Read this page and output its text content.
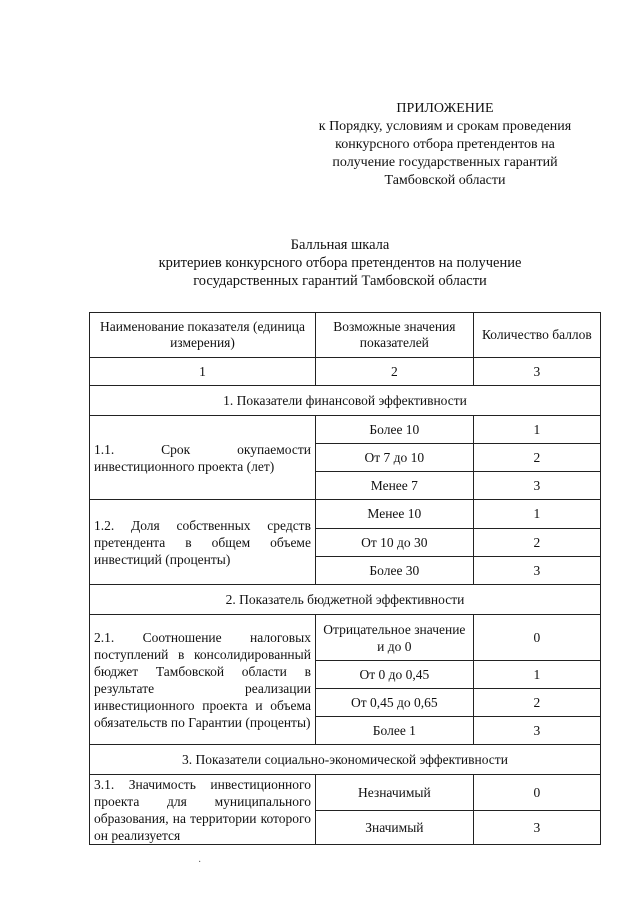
ПРИЛОЖЕНИЕ
к Порядку, условиям и срокам проведения
конкурсного отбора претендентов на
получение государственных гарантий
Тамбовской области
Балльная шкала
критериев конкурсного отбора претендентов на получение
государственных гарантий Тамбовской области
Наименование показателя (единица измерения)	Возможные значения показателей	Количество баллов
1	2	3
1. Показатели финансовой эффективности		
1.1. Срок окупаемости инвестиционного проекта (лет)	Более 10	1
	От 7 до 10	2
	Менее 7	3
1.2. Доля собственных средств претендента в общем объеме инвестиций (проценты)	Менее 10	1
	От 10 до 30	2
	Более 30	3
2. Показатель бюджетной эффективности		
2.1. Соотношение налоговых поступлений в консолидированный бюджет Тамбовской области в результате реализации инвестиционного проекта и объема обязательств по Гарантии (проценты)	Отрицательное значение и до 0	0
	От 0 до 0,45	1
	От 0,45 до 0,65	2
	Более 1	3
3. Показатели социально-экономической эффективности		
3.1. Значимость инвестиционного проекта для муниципального образования, на территории которого он реализуется	Незначимый	0
	Значимый	3
·
